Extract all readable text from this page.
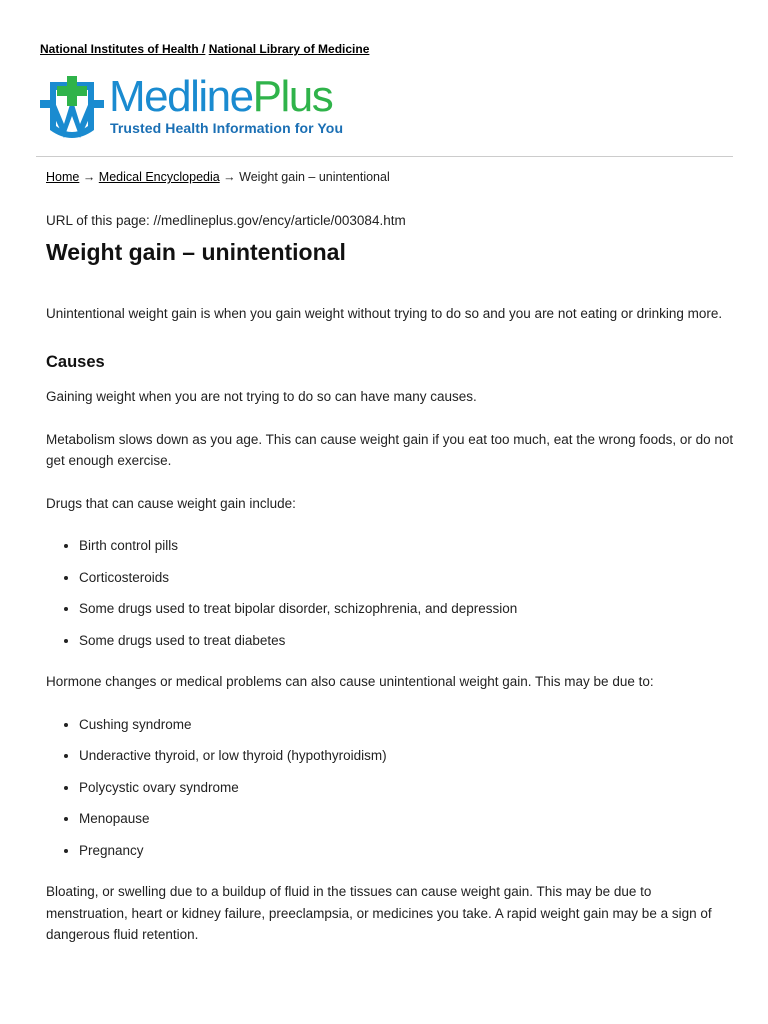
National Institutes of Health / National Library of Medicine
MedlinePlus
Trusted Health Information for You
Home → Medical Encyclopedia → Weight gain – unintentional
URL of this page: //medlineplus.gov/ency/article/003084.htm
Weight gain – unintentional

Unintentional weight gain is when you gain weight without trying to do so and you are not eating or drinking more.

Causes

Gaining weight when you are not trying to do so can have many causes.

Metabolism slows down as you age. This can cause weight gain if you eat too much, eat the wrong foods, or do not get enough exercise.

Drugs that can cause weight gain include:

• Birth control pills
• Corticosteroids
• Some drugs used to treat bipolar disorder, schizophrenia, and depression
• Some drugs used to treat diabetes

Hormone changes or medical problems can also cause unintentional weight gain. This may be due to:

• Cushing syndrome
• Underactive thyroid, or low thyroid (hypothyroidism)
• Polycystic ovary syndrome
• Menopause
• Pregnancy

Bloating, or swelling due to a buildup of fluid in the tissues can cause weight gain. This may be due to menstruation, heart or kidney failure, preeclampsia, or medicines you take. A rapid weight gain may be a sign of dangerous fluid retention.
